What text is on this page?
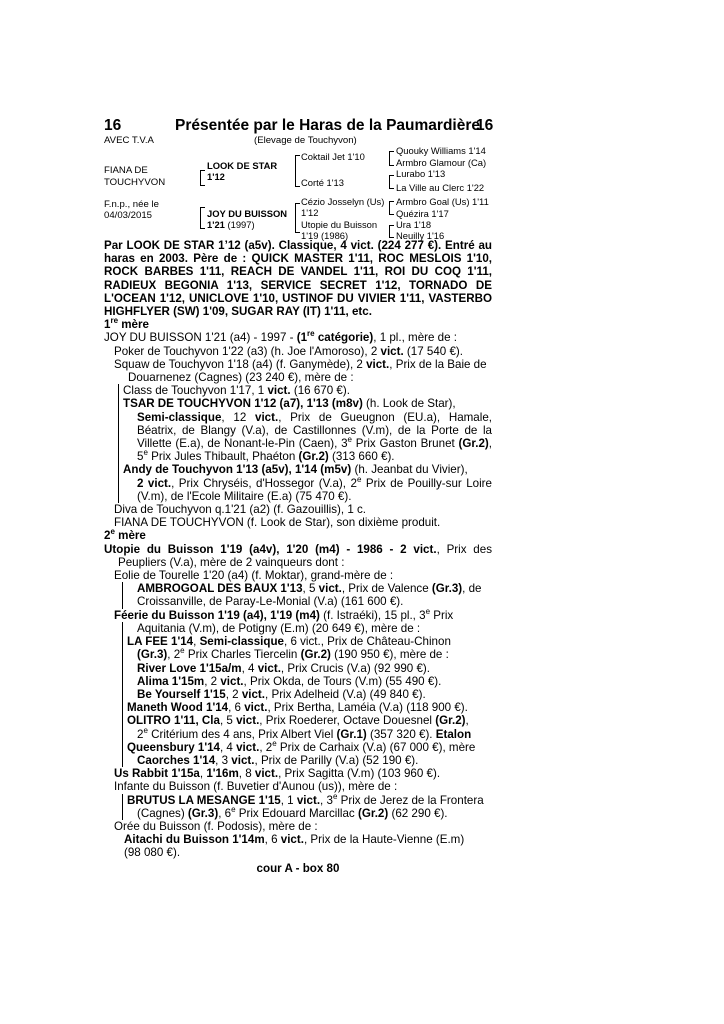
16	Présentée par le Haras de la Paumardière
16
AVEC T.V.A	(Elevage de Touchyvon)
FIANA DE
TOUCHYVON
F.n.p., née le
04/03/2015
LOOK DE STAR
1'12
JOY DU BUISSON
1'21 (1997)
Coktail Jet 1'10
Corté 1'13
Cézio Josselyn (Us)
1'12
Utopie du Buisson
1'19 (1986)
Quouky Williams 1'14
Armbro Glamour (Ca)
Lurabo 1'13
La Ville au Clerc 1'22
Armbro Goal (Us) 1'11
Quézira 1'17
Ura 1'18
Neuilly 1'16

Par LOOK DE STAR 1’12 (a5v). Classique, 4 vict. (224 277 €). Entré au haras en 2003. Père de : QUICK MASTER 1'11, ROC MESLOIS 1'10, ROCK BARBES 1'11, REACH DE VANDEL 1'11, ROI DU COQ 1'11, RADIEUX BEGONIA 1'13, SERVICE SECRET 1'12, TORNADO DE L'OCEAN 1'12, UNICLOVE 1'10, USTINOF DU VIVIER 1'11, VASTERBO HIGHFLYER (SW) 1'09, SUGAR RAY (IT) 1'11, etc.

1re mère

JOY DU BUISSON 1'21 (a4) - 1997 - (1re catégorie), 1 pl., mère de :

Poker de Touchyvon 1'22 (a3) (h. Joe l'Amoroso), 2 vict. (17 540 €).

Squaw de Touchyvon 1'18 (a4) (f. Ganymède), 2 vict., Prix de la Baie de Douarnenez (Cagnes) (23 240 €), mère de :

Class de Touchyvon 1'17, 1 vict. (16 670 €).

TSAR DE TOUCHYVON 1'12 (a7), 1'13 (m8v) (h. Look de Star),

Semi-classique, 12 vict., Prix de Gueugnon (EU.a), Hamale, Béatrix, de Blangy (V.a), de Castillonnes (V.m), de la Porte de la Villette (E.a), de Nonant-le-Pin (Caen), 3e Prix Gaston Brunet (Gr.2), 5e Prix Jules Thibault, Phaéton (Gr.2) (313 660 €).

Andy de Touchyvon 1'13 (a5v), 1'14 (m5v) (h. Jeanbat du Vivier),

2 vict., Prix Chryséis, d'Hossegor (V.a), 2e Prix de Pouilly-sur Loire (V.m), de l'Ecole Militaire (E.a) (75 470 €).

Diva de Touchyvon q.1'21 (a2) (f. Gazouillis), 1 c.

FIANA DE TOUCHYVON (f. Look de Star), son dixième produit.

2e mère

Utopie du Buisson 1'19 (a4v), 1'20 (m4) - 1986 - 2 vict., Prix des Peupliers (V.a), mère de 2 vainqueurs dont :

Eolie de Tourelle 1'20 (a4) (f. Moktar), grand-mère de :

AMBROGOAL DES BAUX 1'13, 5 vict., Prix de Valence (Gr.3), de

Croissanville, de Paray-Le-Monial (V.a) (161 600 €).

Féerie du Buisson 1'19 (a4), 1'19 (m4) (f. Istraéki), 15 pl., 3e Prix

Aquitania (V.m), de Potigny (E.m) (20 649 €), mère de :

LA FEE 1'14, Semi-classique, 6 vict., Prix de Château-Chinon

(Gr.3), 2e Prix Charles Tiercelin (Gr.2) (190 950 €), mère de :

River Love 1'15a/m, 4 vict., Prix Crucis (V.a) (92 990 €).

Alima 1'15m, 2 vict., Prix Okda, de Tours (V.m) (55 490 €).

Be Yourself 1'15, 2 vict., Prix Adelheid (V.a) (49 840 €).

Maneth Wood 1'14, 6 vict., Prix Bertha, Laméia (V.a) (118 900 €).

OLITRO 1'11, Cla, 5 vict., Prix Roederer, Octave Douesnel (Gr.2),

2e Critérium des 4 ans, Prix Albert Viel (Gr.1) (357 320 €). Etalon

Queensbury 1'14, 4 vict., 2e Prix de Carhaix (V.a) (67 000 €), mère

Caorches 1'14, 3 vict., Prix de Parilly (V.a) (52 190 €).

Us Rabbit 1'15a, 1'16m, 8 vict., Prix Sagitta (V.m) (103 960 €).

Infante du Buisson (f. Buvetier d'Aunou (us)), mère de :

BRUTUS LA MESANGE 1'15, 1 vict., 3e Prix de Jerez de la Frontera

(Cagnes) (Gr.3), 6e Prix Edouard Marcillac (Gr.2) (62 290 €).

Orée du Buisson (f. Podosis), mère de :

Aitachi du Buisson 1'14m, 6 vict., Prix de la Haute-Vienne (E.m)

(98 080 €).

cour A - box 80
